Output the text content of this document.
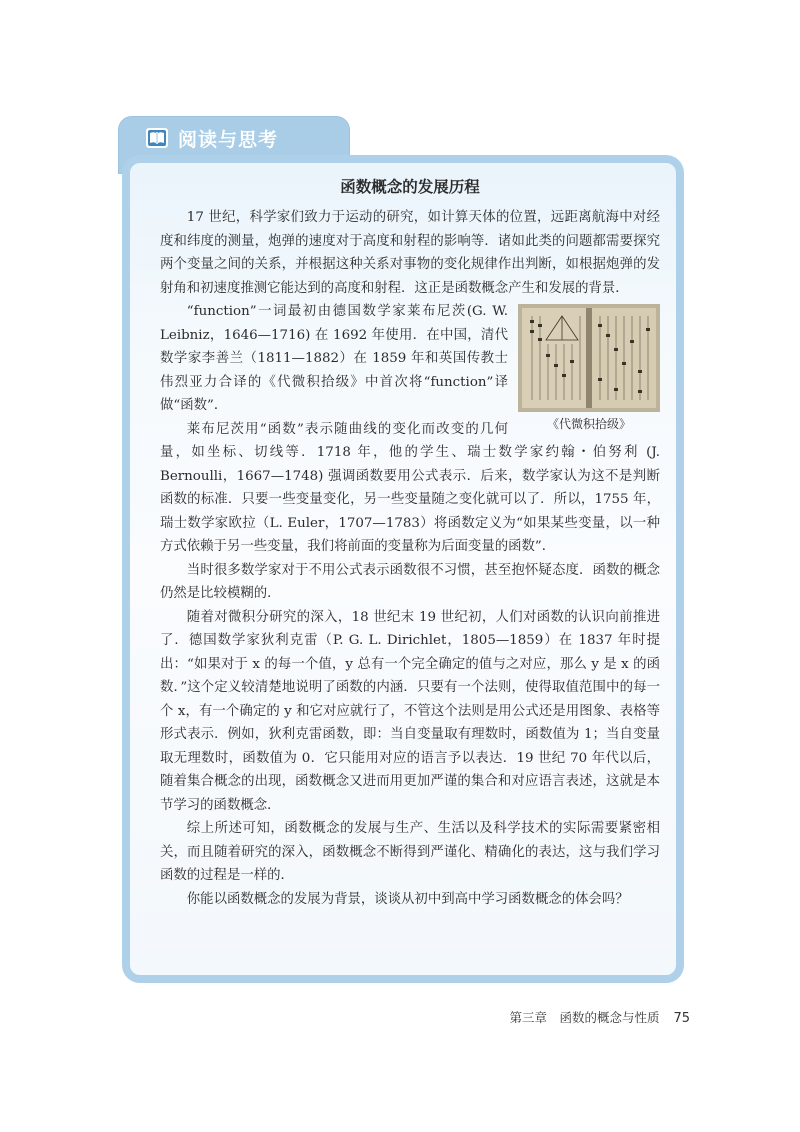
阅读与思考
函数概念的发展历程

17 世纪，科学家们致力于运动的研究，如计算天体的位置，远距离航海中对经度和纬度的测量，炮弹的速度对于高度和射程的影响等．诸如此类的问题都需要探究两个变量之间的关系，并根据这种关系对事物的变化规律作出判断，如根据炮弹的发射角和初速度推测它能达到的高度和射程．这正是函数概念产生和发展的背景．

《代微积拾级》

“function”一词最初由德国数学家莱布尼茨(G. W. Leibniz，1646—1716) 在 1692 年使用．在中国，清代数学家李善兰（1811—1882）在 1859 年和英国传教士伟烈亚力合译的《代微积拾级》中首次将“function”译做“函数”．

莱布尼茨用“函数”表示随曲线的变化而改变的几何量，如坐标、切线等．1718 年，他的学生、瑞士数学家约翰・伯努利 (J. Bernoulli，1667—1748) 强调函数要用公式表示．后来，数学家认为这不是判断函数的标准．只要一些变量变化，另一些变量随之变化就可以了．所以，1755 年，瑞士数学家欧拉（L. Euler，1707—1783）将函数定义为“如果某些变量，以一种方式依赖于另一些变量，我们将前面的变量称为后面变量的函数”．

当时很多数学家对于不用公式表示函数很不习惯，甚至抱怀疑态度．函数的概念仍然是比较模糊的．

随着对微积分研究的深入，18 世纪末 19 世纪初，人们对函数的认识向前推进了．德国数学家狄利克雷（P. G. L. Dirichlet，1805—1859）在 1837 年时提出：“如果对于 x 的每一个值，y 总有一个完全确定的值与之对应，那么 y 是 x 的函数．”这个定义较清楚地说明了函数的内涵．只要有一个法则，使得取值范围中的每一个 x，有一个确定的 y 和它对应就行了，不管这个法则是用公式还是用图象、表格等形式表示．例如，狄利克雷函数，即：当自变量取有理数时，函数值为 1；当自变量取无理数时，函数值为 0．它只能用对应的语言予以表达．19 世纪 70 年代以后，随着集合概念的出现，函数概念又进而用更加严谨的集合和对应语言表述，这就是本节学习的函数概念．

综上所述可知，函数概念的发展与生产、生活以及科学技术的实际需要紧密相关，而且随着研究的深入，函数概念不断得到严谨化、精确化的表达，这与我们学习函数的过程是一样的．

你能以函数概念的发展为背景，谈谈从初中到高中学习函数概念的体会吗？

第三章　函数的概念与性质 75
